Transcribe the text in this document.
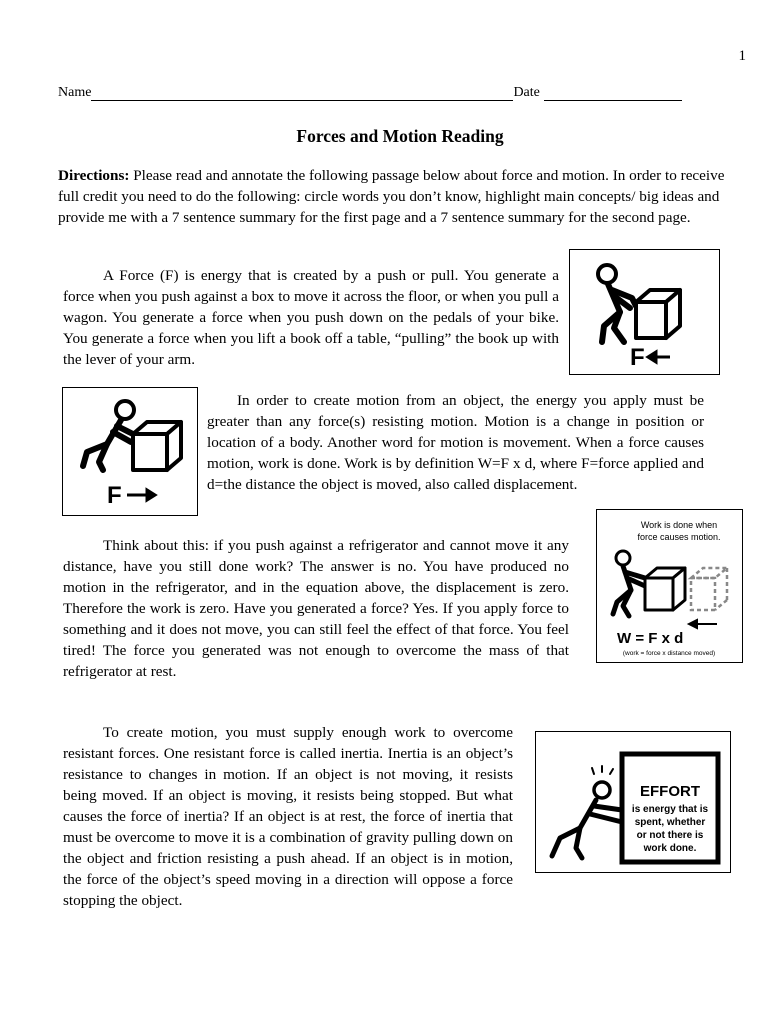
1
Name	Date
Forces and Motion Reading
Directions: Please read and annotate the following passage below about force and motion. In order to receive full credit you need to do the following: circle words you don’t know, highlight main concepts/ big ideas and provide me with a 7 sentence summary for the first page and a 7 sentence summary for the second page.
A Force (F) is energy that is created by a push or pull. You generate a force when you push against a box to move it across the floor, or when you pull a wagon. You generate a force when you push down on the pedals of your bike. You generate a force when you lift a book off a table, “pulling” the book up with the lever of your arm.	F
F
In order to create motion from an object, the energy you apply must be greater than any force(s) resisting motion. Motion is a change in position or location of a body. Another word for motion is movement. When a force causes motion, work is done. Work is by definition W=F x d, where F=force applied and d=the distance the object is moved, also called displacement.
Work is done when
force causes motion.
W = F x d
(work = force x distance moved)
Think about this: if you push against a refrigerator and cannot move it any distance, have you still done work? The answer is no. You have produced no motion in the refrigerator, and in the equation above, the displacement is zero. Therefore the work is zero. Have you generated a force? Yes. If you apply force to something and it does not move, you can still feel the effect of that force. You feel tired! The force you generated was not enough to overcome the mass of that refrigerator at rest.
To create motion, you must supply enough work to overcome resistant forces. One resistant force is called inertia. Inertia is an object’s resistance to changes in motion. If an object is not moving, it resists being moved. If an object is moving, it resists being stopped. But what causes the force of inertia? If an object is at rest, the force of inertia that must be overcome to move it is a combination of gravity pulling down on the object and friction resisting a push ahead. If an object is in motion, the force of the object’s speed moving in a direction will oppose a force stopping the object.
EFFORT
is energy that is
spent, whether
or not there is
work done.
